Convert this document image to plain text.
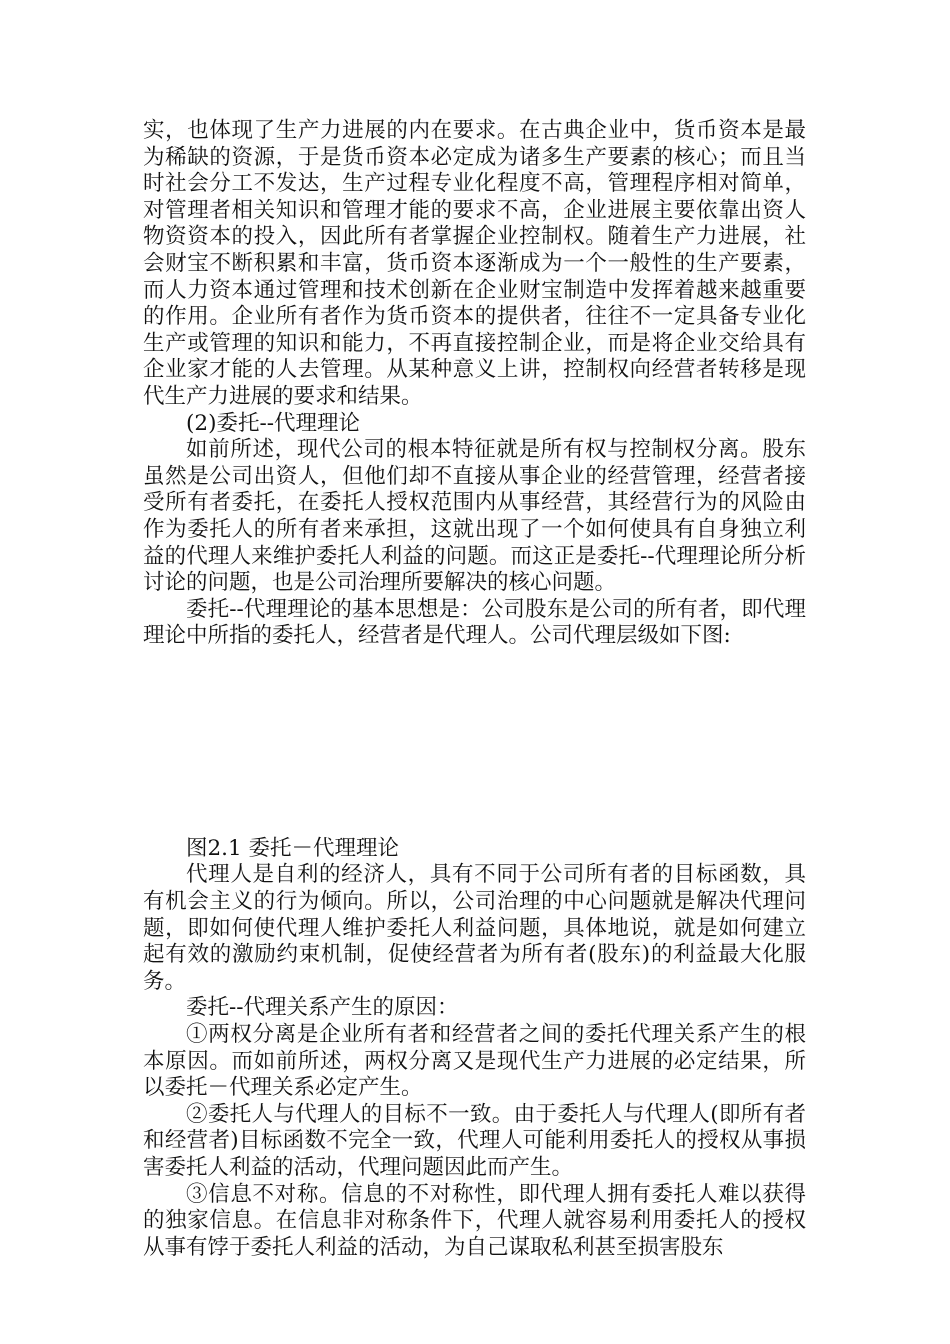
实，也体现了生产力进展的内在要求。在古典企业中，货币资本是最为稀缺的资源，于是货币资本必定成为诸多生产要素的核心；而且当时社会分工不发达，生产过程专业化程度不高，管理程序相对简单，对管理者相关知识和管理才能的要求不高，企业进展主要依靠出资人物资资本的投入，因此所有者掌握企业控制权。随着生产力进展，社会财宝不断积累和丰富，货币资本逐渐成为一个一般性的生产要素，而人力资本通过管理和技术创新在企业财宝制造中发挥着越来越重要的作用。企业所有者作为货币资本的提供者，往往不一定具备专业化生产或管理的知识和能力，不再直接控制企业，而是将企业交给具有企业家才能的人去管理。从某种意义上讲，控制权向经营者转移是现代生产力进展的要求和结果。

(2)委托--代理理论

如前所述，现代公司的根本特征就是所有权与控制权分离。股东虽然是公司出资人，但他们却不直接从事企业的经营管理，经营者接受所有者委托，在委托人授权范围内从事经营，其经营行为的风险由作为委托人的所有者来承担，这就出现了一个如何使具有自身独立利益的代理人来维护委托人利益的问题。而这正是委托--代理理论所分析讨论的问题，也是公司治理所要解决的核心问题。

委托--代理理论的基本思想是：公司股东是公司的所有者，即代理理论中所指的委托人，经营者是代理人。公司代理层级如下图:

图2.1 委托－代理理论

代理人是自利的经济人，具有不同于公司所有者的目标函数，具有机会主义的行为倾向。所以，公司治理的中心问题就是解决代理问题，即如何使代理人维护委托人利益问题，具体地说，就是如何建立起有效的激励约束机制，促使经营者为所有者(股东)的利益最大化服务。

委托--代理关系产生的原因：

①两权分离是企业所有者和经营者之间的委托代理关系产生的根本原因。而如前所述，两权分离又是现代生产力进展的必定结果，所以委托－代理关系必定产生。

②委托人与代理人的目标不一致。由于委托人与代理人(即所有者和经营者)目标函数不完全一致，代理人可能利用委托人的授权从事损害委托人利益的活动，代理问题因此而产生。

③信息不对称。信息的不对称性，即代理人拥有委托人难以获得的独家信息。在信息非对称条件下，代理人就容易利用委托人的授权从事有饽于委托人利益的活动，为自己谋取私利甚至损害股东
